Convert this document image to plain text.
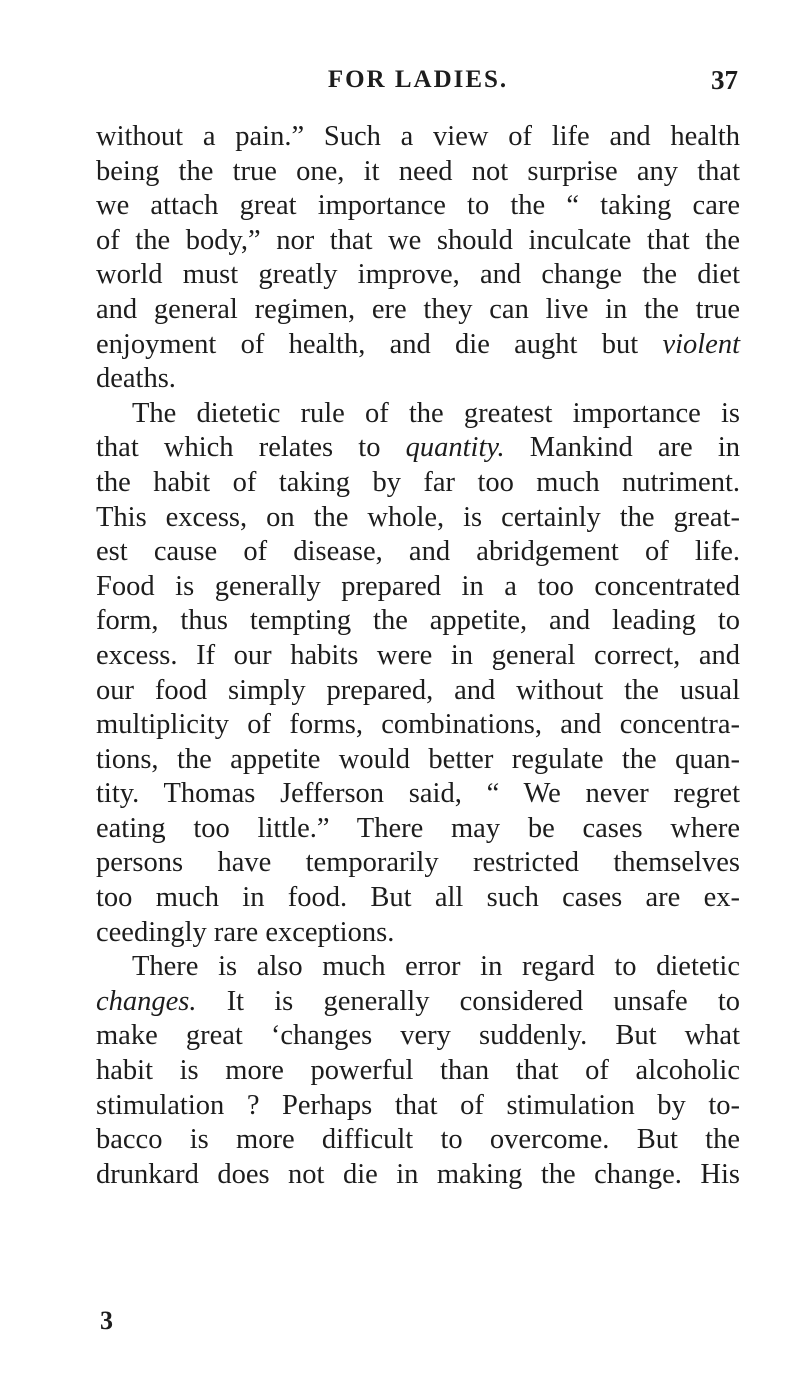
FOR LADIES.	37
without a pain.” Such a view of life and health
being the true one, it need not surprise any that
we attach great importance to the “ taking care
of the body,” nor that we should inculcate that the
world must greatly improve, and change the diet
and general regimen, ere they can live in the true
enjoyment of health, and die aught but violent
deaths.
The dietetic rule of the greatest importance is
that which relates to quantity. Mankind are in
the habit of taking by far too much nutriment.
This excess, on the whole, is certainly the great-
est cause of disease, and abridgement of life.
Food is generally prepared in a too concentrated
form, thus tempting the appetite, and leading to
excess. If our habits were in general correct, and
our food simply prepared, and without the usual
multiplicity of forms, combinations, and concentra-
tions, the appetite would better regulate the quan-
tity. Thomas Jefferson said, “ We never regret
eating too little.” There may be cases where
persons have temporarily restricted themselves
too much in food. But all such cases are ex-
ceedingly rare exceptions.
There is also much error in regard to dietetic
changes. It is generally considered unsafe to
make great ‘changes very suddenly. But what
habit is more powerful than that of alcoholic
stimulation ? Perhaps that of stimulation by to-
bacco is more difficult to overcome. But the
drunkard does not die in making the change. His
3
